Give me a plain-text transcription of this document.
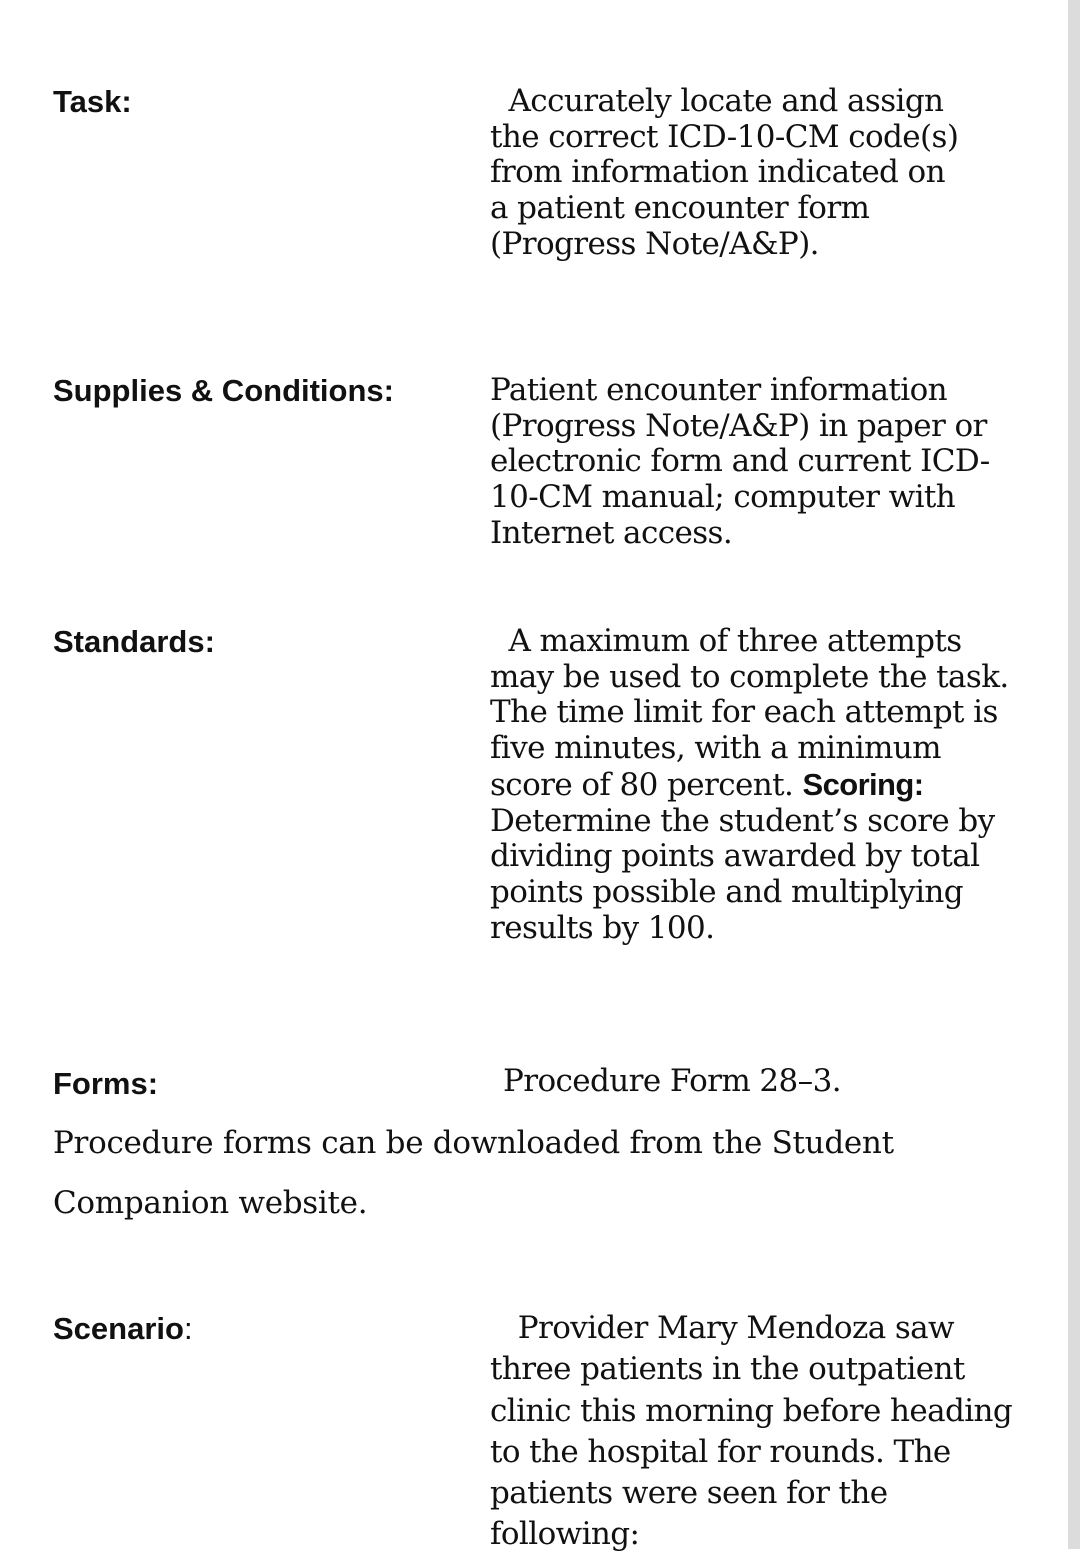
Task:	Accurately locate and assign the correct ICD-10-CM code(s) from information indicated on a patient encounter form (Progress Note/A&P).
Supplies & Conditions:	Patient encounter information (Progress Note/A&P) in paper or electronic form and current ICD- 10-CM manual; computer with Internet access.
Standards:	A maximum of three attempts may be used to complete the task. The time limit for each attempt is five minutes, with a minimum score of 80 percent. Scoring: Determine the student’s score by dividing points awarded by total points possible and multiplying results by 100.
Forms:	Procedure Form 28–3.
Procedure forms can be downloaded from the Student Companion website.
Scenario:	Provider Mary Mendoza saw three patients in the outpatient clinic this morning before heading to the hospital for rounds. The patients were seen for the following:
